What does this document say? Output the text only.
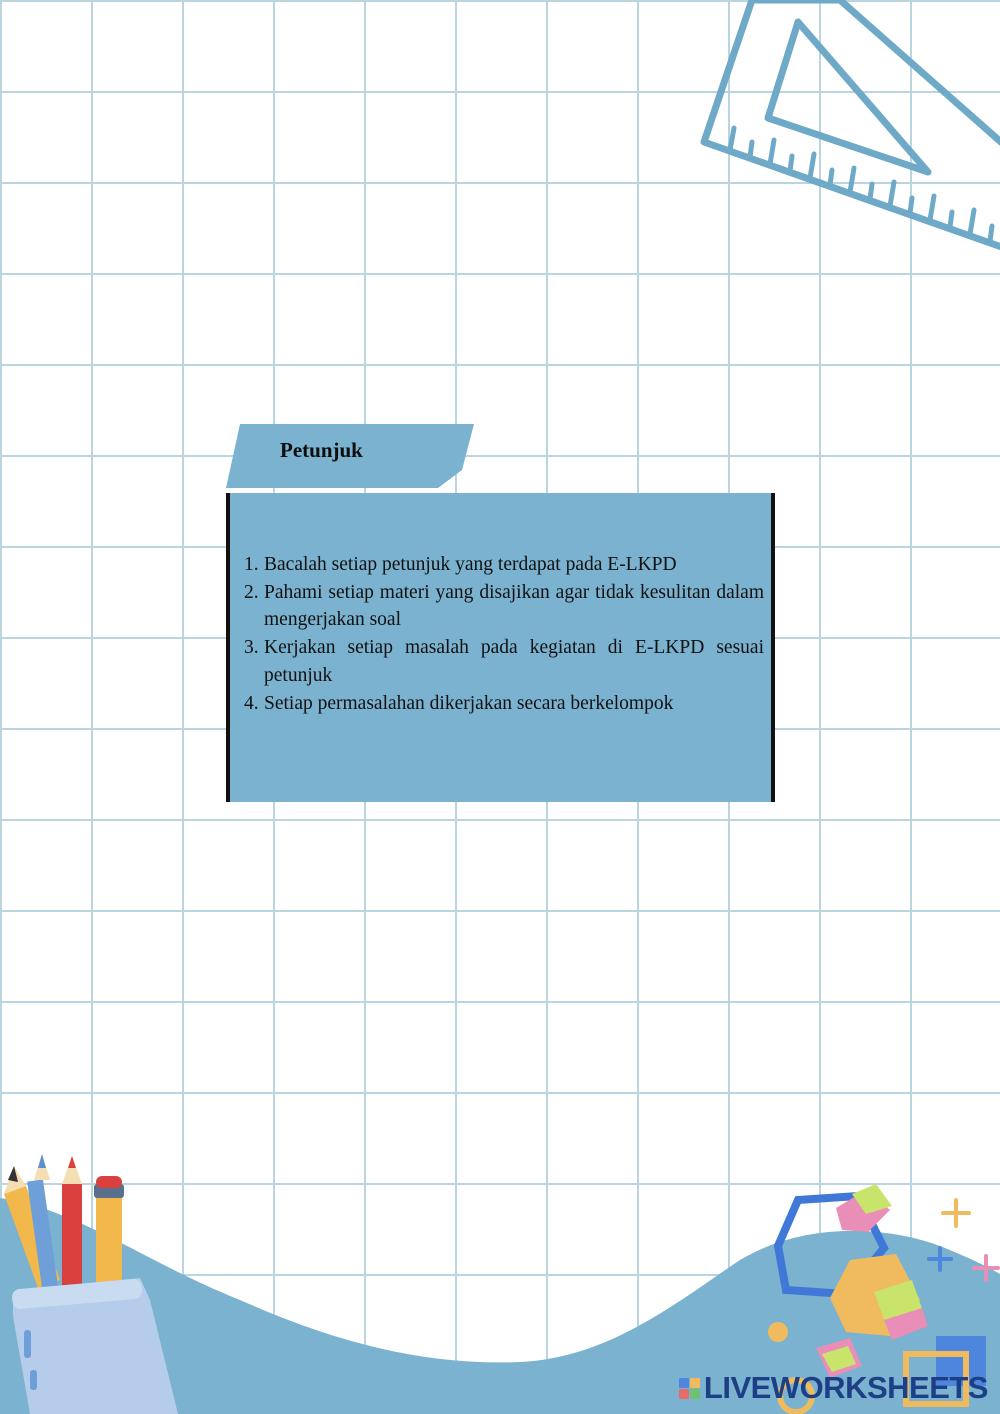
Petunjuk
1. Bacalah setiap petunjuk yang terdapat pada E-LKPD
2. Pahami setiap materi yang disajikan agar tidak kesulitan dalam mengerjakan soal
3. Kerjakan setiap masalah pada kegiatan di E-LKPD sesuai petunjuk
4. Setiap permasalahan dikerjakan secara berkelompok
LIVEWORKSHEETS
